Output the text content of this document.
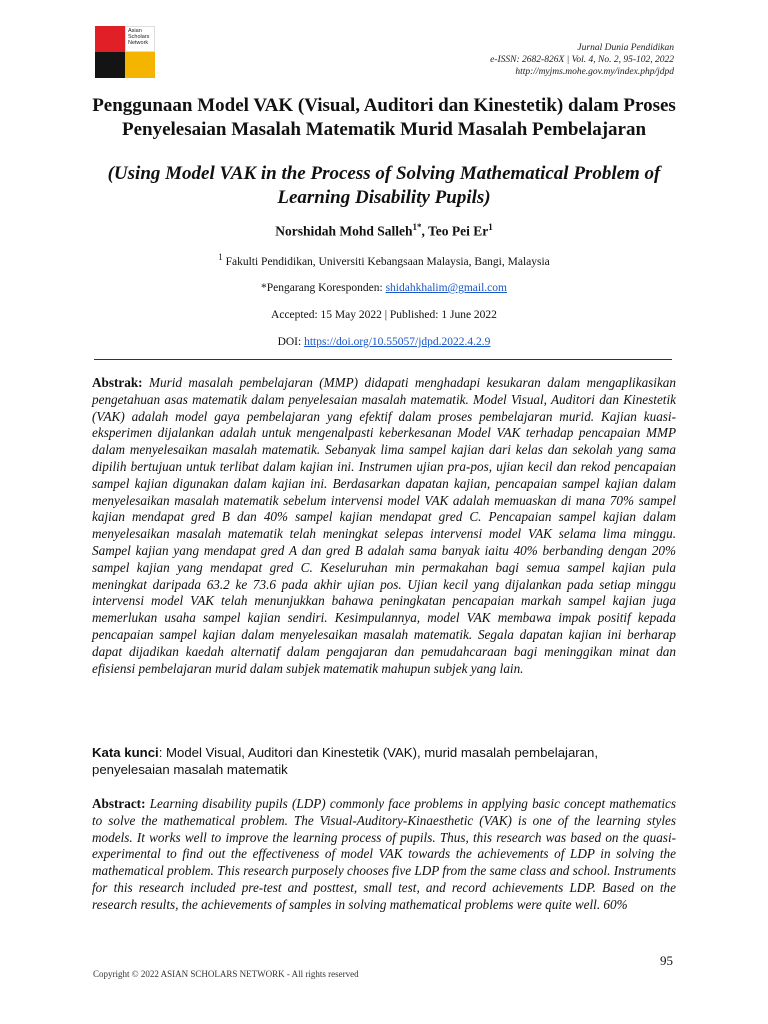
Asian
Scholars
Network	Jurnal Dunia Pendidikan
e-ISSN: 2682-826X | Vol. 4, No. 2, 95-102, 2022
http://myjms.mohe.gov.my/index.php/jdpd
Penggunaan Model VAK (Visual, Auditori dan Kinestetik) dalam Proses Penyelesaian Masalah Matematik Murid Masalah Pembelajaran
(Using Model VAK in the Process of Solving Mathematical Problem of Learning Disability Pupils)
Norshidah Mohd Salleh$^{1*}$, Teo Pei Er$^1$
$^1$ Fakulti Pendidikan, Universiti Kebangsaan Malaysia, Bangi, Malaysia
*Pengarang Koresponden: shidahkhalim@gmail.com
Accepted: 15 May 2022 | Published: 1 June 2022
DOI: https://doi.org/10.55057/jdpd.2022.4.2.9

Abstrak: Murid masalah pembelajaran (MMP) didapati menghadapi kesukaran dalam mengaplikasikan pengetahuan asas matematik dalam penyelesaian masalah matematik. Model Visual, Auditori dan Kinestetik (VAK) adalah model gaya pembelajaran yang efektif dalam proses pembelajaran murid. Kajian kuasi-eksperimen dijalankan adalah untuk mengenalpasti keberkesanan Model VAK terhadap pencapaian MMP dalam menyelesaikan masalah matematik. Sebanyak lima sampel kajian dari kelas dan sekolah yang sama dipilih bertujuan untuk terlibat dalam kajian ini. Instrumen ujian pra-pos, ujian kecil dan rekod pencapaian sampel kajian digunakan dalam kajian ini. Berdasarkan dapatan kajian, pencapaian sampel kajian dalam menyelesaikan masalah matematik sebelum intervensi model VAK adalah memuaskan di mana 70% sampel kajian mendapat gred B dan 40% sampel kajian mendapat gred C. Pencapaian sampel kajian dalam menyelesaikan masalah matematik telah meningkat selepas intervensi model VAK selama lima minggu. Sampel kajian yang mendapat gred A dan gred B adalah sama banyak iaitu 40% berbanding dengan 20% sampel kajian yang mendapat gred C. Keseluruhan min permakahan bagi semua sampel kajian pula meningkat daripada 63.2 ke 73.6 pada akhir ujian pos. Ujian kecil yang dijalankan pada setiap minggu intervensi model VAK telah menunjukkan bahawa peningkatan pencapaian markah sampel kajian juga memerlukan usaha sampel kajian sendiri. Kesimpulannya, model VAK membawa impak positif kepada pencapaian sampel kajian dalam menyelesaikan masalah matematik. Segala dapatan kajian ini berharap dapat dijadikan kaedah alternatif dalam pengajaran dan pemudahcaraan bagi meninggikan minat dan efisiensi pembelajaran murid dalam subjek matematik mahupun subjek yang lain.

Kata kunci: Model Visual, Auditori dan Kinestetik (VAK), murid masalah pembelajaran, penyelesaian masalah matematik

Abstract: Learning disability pupils (LDP) commonly face problems in applying basic concept mathematics to solve the mathematical problem. The Visual-Auditory-Kinaesthetic (VAK) is one of the learning styles models. It works well to improve the learning process of pupils. Thus, this research was based on the quasi-experimental to find out the effectiveness of model VAK towards the achievements of LDP in solving the mathematical problem. This research purposely chooses five LDP from the same class and school. Instruments for this research included pre-test and posttest, small test, and record achievements LDP. Based on the research results, the achievements of samples in solving mathematical problems were quite well. 60%

95
Copyright © 2022 ASIAN SCHOLARS NETWORK - All rights reserved
